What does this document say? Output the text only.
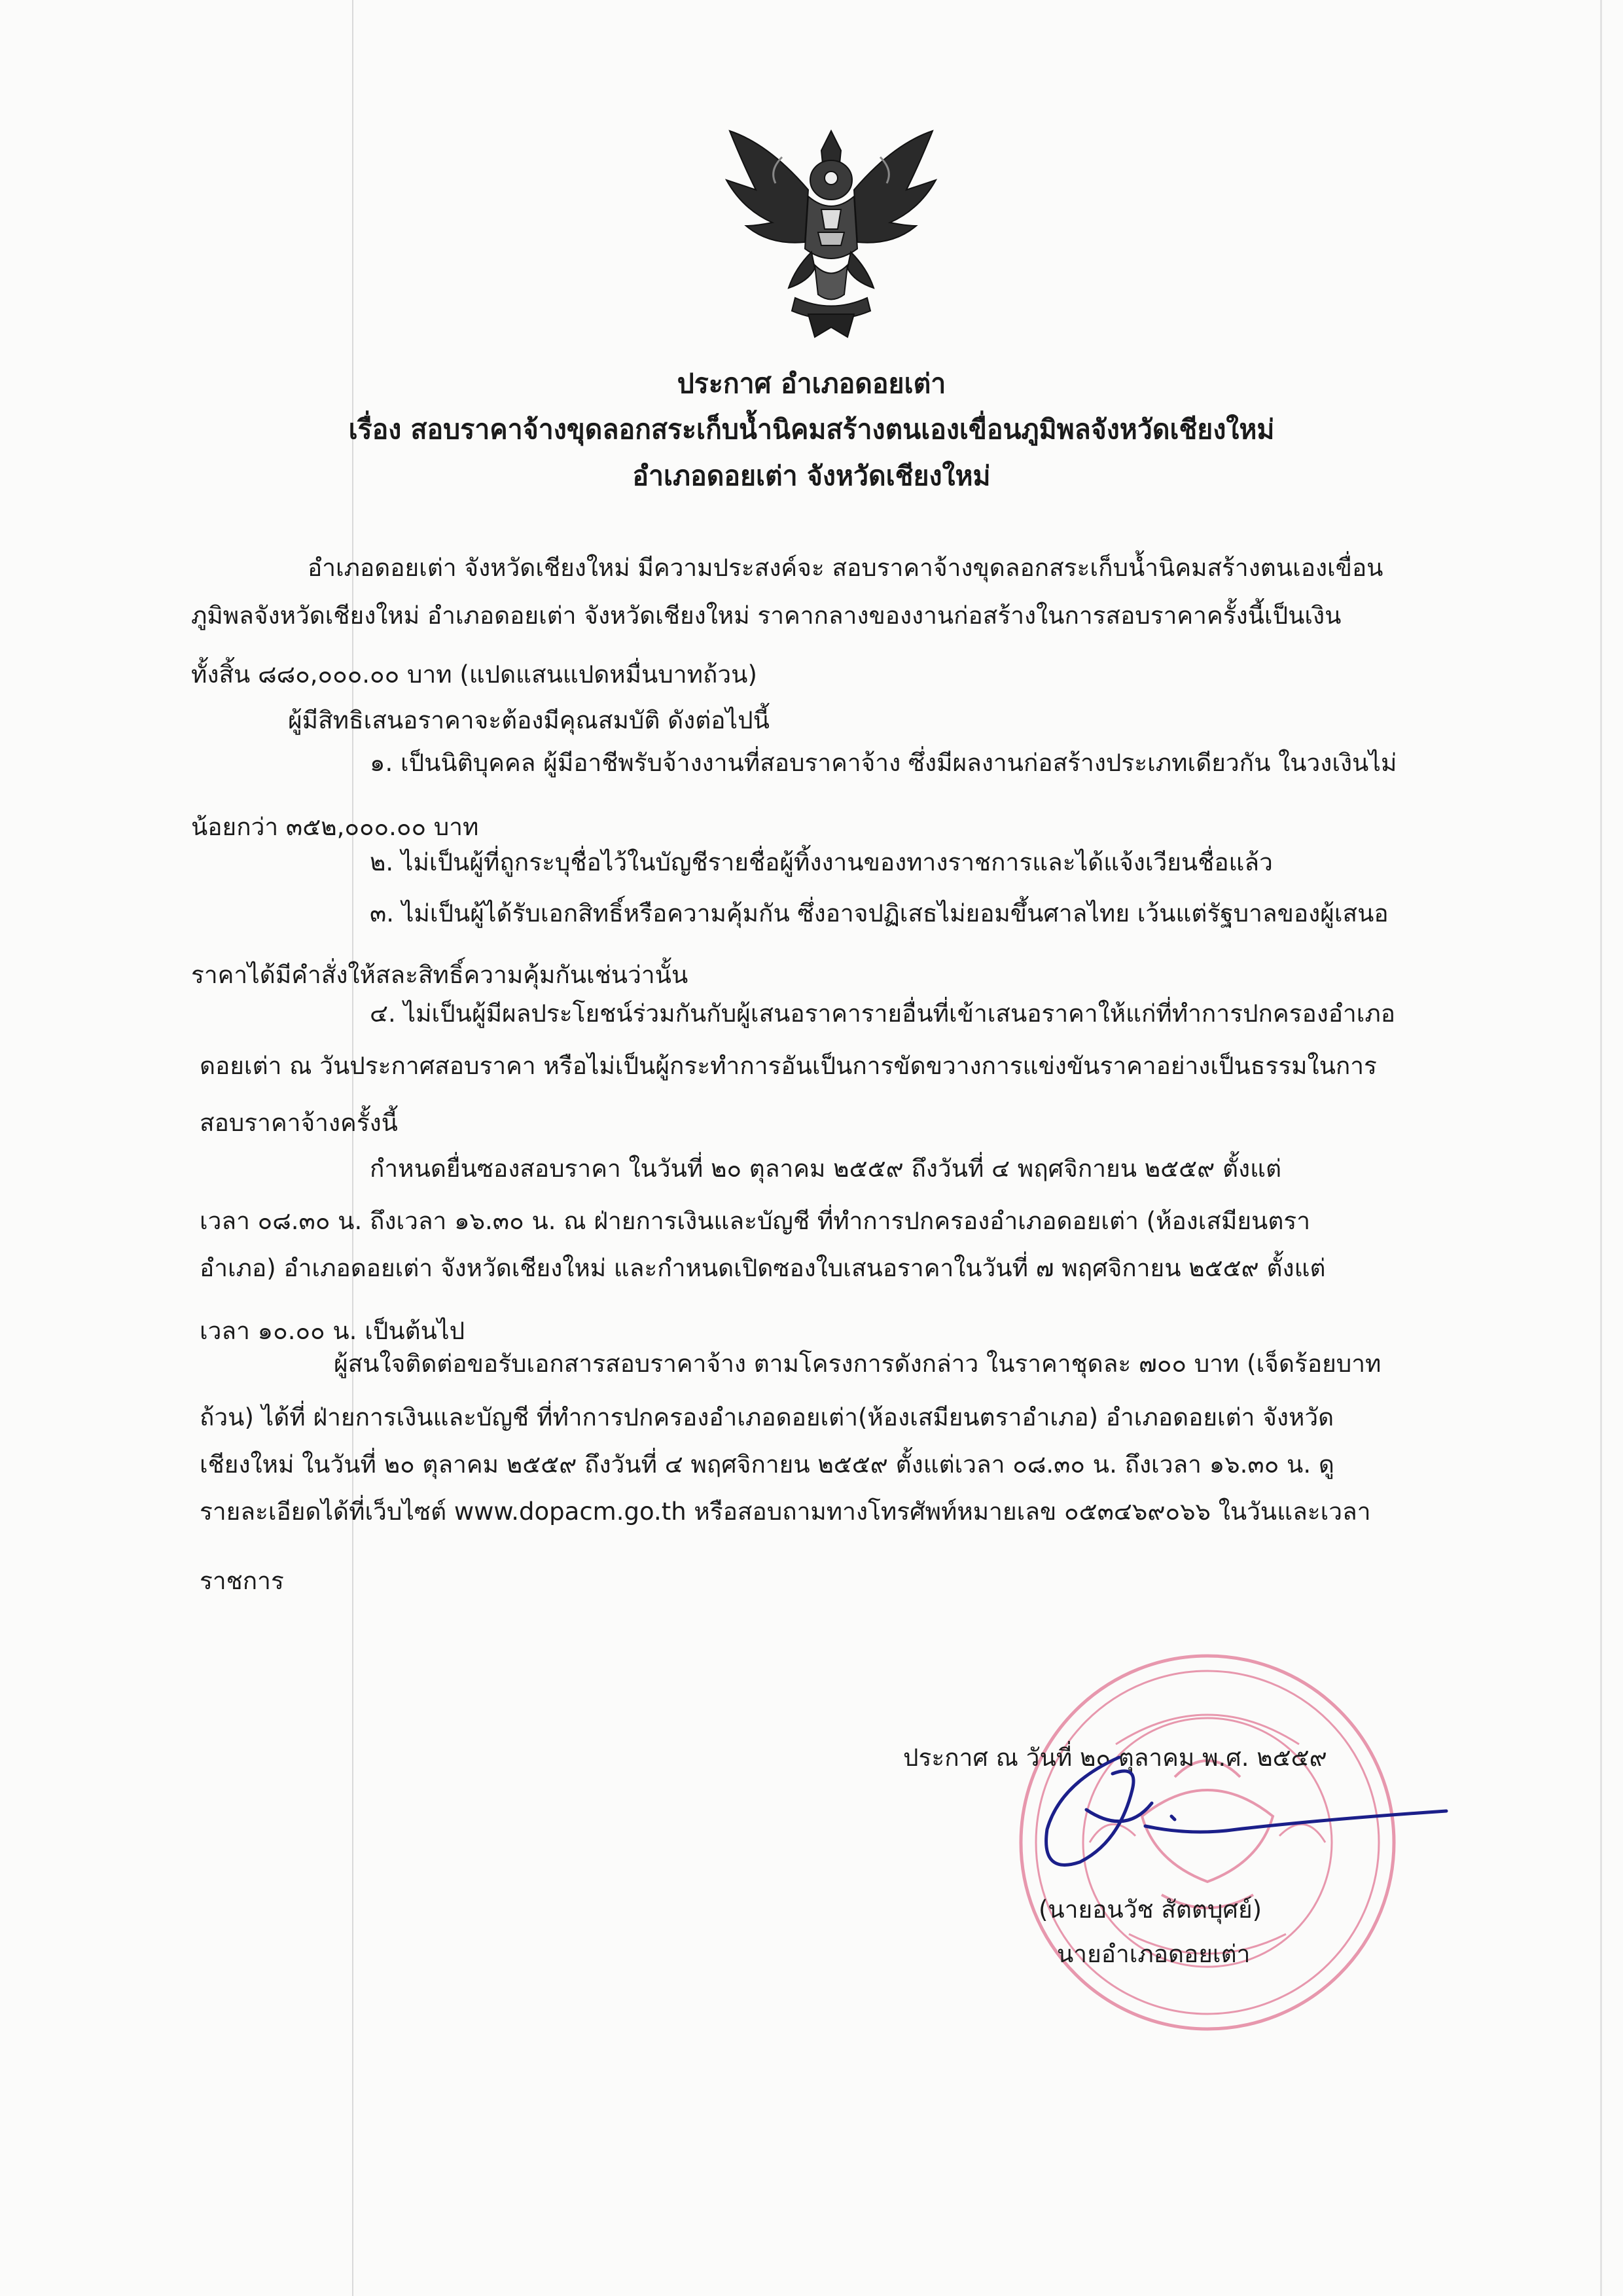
ประกาศ อำเภอดอยเต่า
เรื่อง สอบราคาจ้างขุดลอกสระเก็บน้ำนิคมสร้างตนเองเขื่อนภูมิพลจังหวัดเชียงใหม่
อำเภอดอยเต่า จังหวัดเชียงใหม่
อำเภอดอยเต่า จังหวัดเชียงใหม่ มีความประสงค์จะ สอบราคาจ้างขุดลอกสระเก็บน้ำนิคมสร้างตนเองเขื่อน
ภูมิพลจังหวัดเชียงใหม่ อำเภอดอยเต่า จังหวัดเชียงใหม่ ราคากลางของงานก่อสร้างในการสอบราคาครั้งนี้เป็นเงิน
ทั้งสิ้น ๘๘๐,๐๐๐.๐๐ บาท (แปดแสนแปดหมื่นบาทถ้วน)
ผู้มีสิทธิเสนอราคาจะต้องมีคุณสมบัติ ดังต่อไปนี้
๑. เป็นนิติบุคคล ผู้มีอาชีพรับจ้างงานที่สอบราคาจ้าง ซึ่งมีผลงานก่อสร้างประเภทเดียวกัน ในวงเงินไม่
น้อยกว่า ๓๕๒,๐๐๐.๐๐ บาท
๒. ไม่เป็นผู้ที่ถูกระบุชื่อไว้ในบัญชีรายชื่อผู้ทิ้งงานของทางราชการและได้แจ้งเวียนชื่อแล้ว
๓. ไม่เป็นผู้ได้รับเอกสิทธิ์หรือความคุ้มกัน ซึ่งอาจปฏิเสธไม่ยอมขึ้นศาลไทย เว้นแต่รัฐบาลของผู้เสนอ
ราคาได้มีคำสั่งให้สละสิทธิ์ความคุ้มกันเช่นว่านั้น
๔. ไม่เป็นผู้มีผลประโยชน์ร่วมกันกับผู้เสนอราคารายอื่นที่เข้าเสนอราคาให้แก่ที่ทำการปกครองอำเภอ
ดอยเต่า ณ วันประกาศสอบราคา หรือไม่เป็นผู้กระทำการอันเป็นการขัดขวางการแข่งขันราคาอย่างเป็นธรรมในการ
สอบราคาจ้างครั้งนี้
กำหนดยื่นซองสอบราคา ในวันที่ ๒๐ ตุลาคม ๒๕๕๙ ถึงวันที่ ๔ พฤศจิกายน ๒๕๕๙ ตั้งแต่
เวลา ๐๘.๓๐ น. ถึงเวลา ๑๖.๓๐ น. ณ ฝ่ายการเงินและบัญชี ที่ทำการปกครองอำเภอดอยเต่า (ห้องเสมียนตรา
อำเภอ) อำเภอดอยเต่า จังหวัดเชียงใหม่ และกำหนดเปิดซองใบเสนอราคาในวันที่ ๗ พฤศจิกายน ๒๕๕๙ ตั้งแต่
เวลา ๑๐.๐๐ น. เป็นต้นไป
ผู้สนใจติดต่อขอรับเอกสารสอบราคาจ้าง ตามโครงการดังกล่าว ในราคาชุดละ ๗๐๐ บาท (เจ็ดร้อยบาท
ถ้วน) ได้ที่ ฝ่ายการเงินและบัญชี ที่ทำการปกครองอำเภอดอยเต่า(ห้องเสมียนตราอำเภอ) อำเภอดอยเต่า จังหวัด
เชียงใหม่ ในวันที่ ๒๐ ตุลาคม ๒๕๕๙ ถึงวันที่ ๔ พฤศจิกายน ๒๕๕๙ ตั้งแต่เวลา ๐๘.๓๐ น. ถึงเวลา ๑๖.๓๐ น. ดู
รายละเอียดได้ที่เว็บไซต์ www.dopacm.go.th หรือสอบถามทางโทรศัพท์หมายเลข ๐๕๓๔๖๙๐๖๖ ในวันและเวลา
ราชการ
ประกาศ ณ วันที่ ๒๐ ตุลาคม พ.ศ. ๒๕๕๙
(นายอนวัช สัตตบุศย์)
นายอำเภอดอยเต่า
